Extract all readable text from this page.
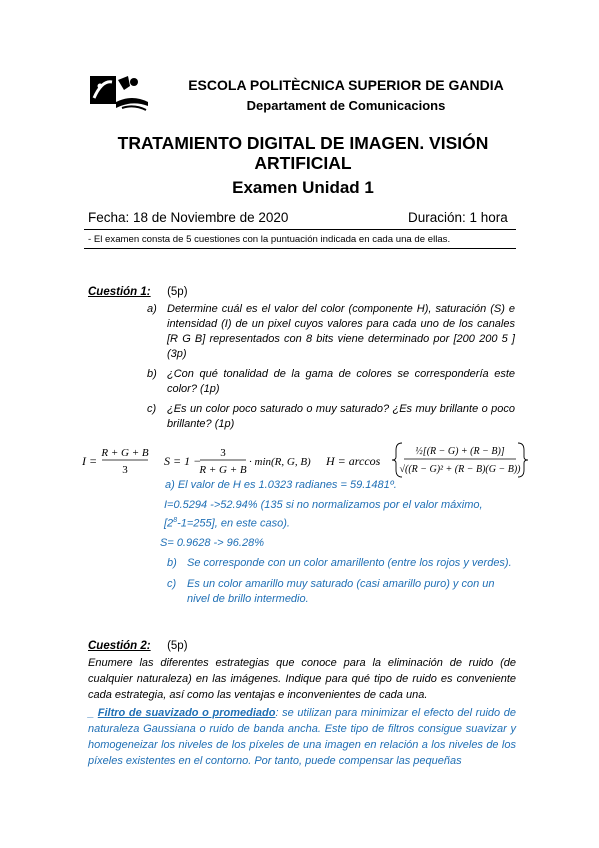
ESCOLA POLITÈCNICA SUPERIOR DE GANDIA
Departament de Comunicacions
TRATAMIENTO DIGITAL DE IMAGEN. VISIÓN ARTIFICIAL
Examen Unidad 1
Fecha: 18 de Noviembre de 2020	Duración: 1 hora
- El examen consta de 5 cuestiones con la puntuación indicada en cada una de ellas.
Cuestión 1: (5p)
a) Determine cuál es el valor del color (componente H), saturación (S) e intensidad (I) de un pixel cuyos valores para cada uno de los canales [R G B] representados con 8 bits viene determinado por [200 200 5 ] (3p)
b) ¿Con qué tonalidad de la gama de colores se correspondería este color? (1p)
c) ¿Es un color poco saturado o muy saturado? ¿Es muy brillante o poco brillante? (1p)
I =
R + G + B
3
S = 1 −
3
R + G + B
· min(R, G, B) H = arccos
½[(R − G) + (R − B)]
√((R − G)² + (R − B)(G − B))
a) El valor de H es 1.0323 radianes = 59.1481º.
I=0.5294 ->52.94% (135 si no normalizamos por el valor máximo,
$[2^8-1=255]$, en este caso).
S= 0.9628 -> 96.28%
b) Se corresponde con un color amarillento (entre los rojos y verdes).
c) Es un color amarillo muy saturado (casi amarillo puro) y con un nivel de brillo intermedio.
Cuestión 2: (5p)
Enumere las diferentes estrategias que conoce para la eliminación de ruido (de cualquier naturaleza) en las imágenes. Indique para qué tipo de ruido es conveniente cada estrategia, así como las ventajas e inconvenientes de cada una.
_ Filtro de suavizado o promediado: se utilizan para minimizar el efecto del ruido de naturaleza Gaussiana o ruido de banda ancha. Este tipo de filtros consigue suavizar y homogeneizar los niveles de los píxeles de una imagen en relación a los niveles de los píxeles existentes en el contorno. Por tanto, puede compensar las pequeñas
